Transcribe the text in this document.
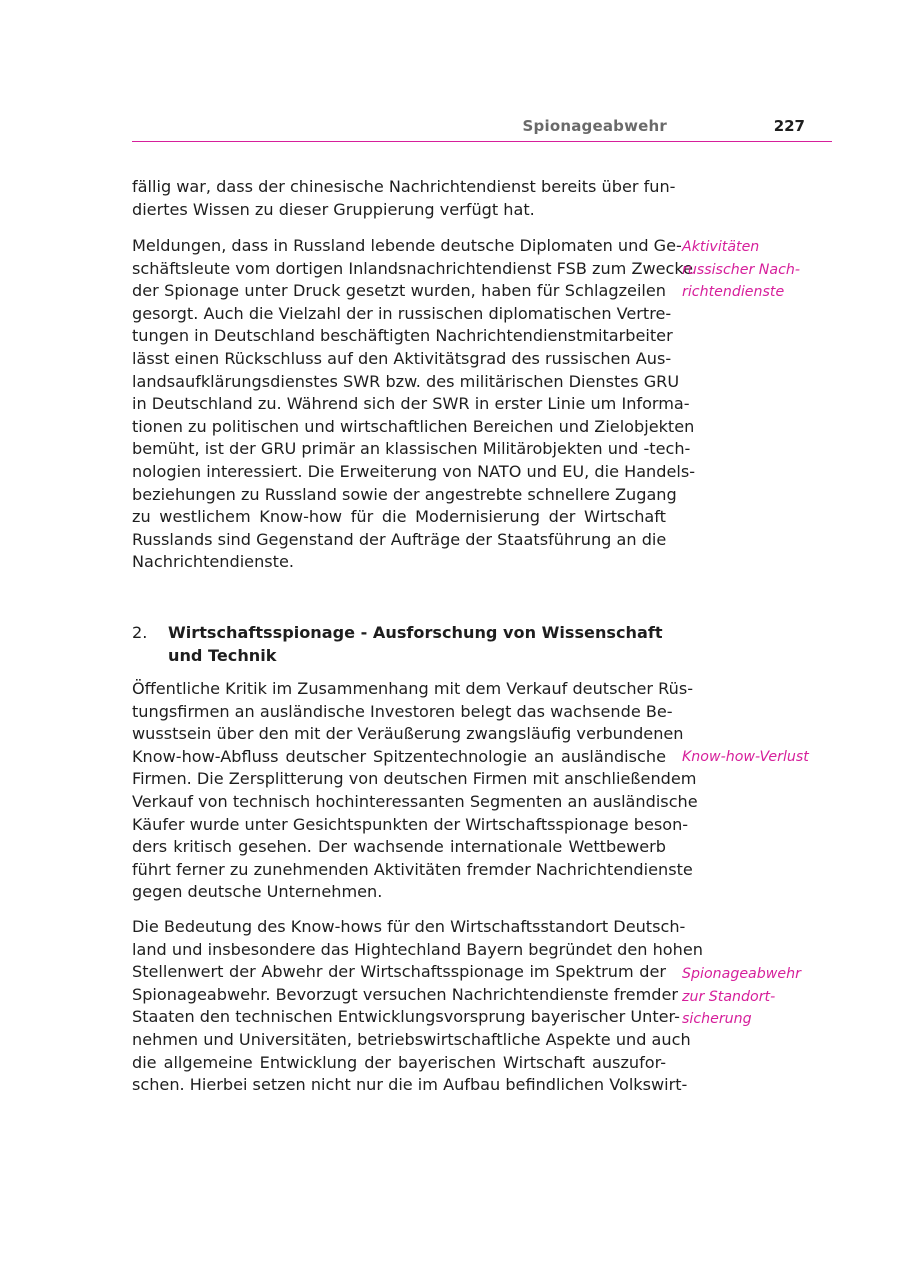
Spionageabwehr	227
fällig war, dass der chinesische Nachrichtendienst bereits über fun-
diertes Wissen zu dieser Gruppierung verfügt hat.
Meldungen, dass in Russland lebende deutsche Diplomaten und Ge-
schäftsleute vom dortigen Inlandsnachrichtendienst FSB zum Zwecke
der Spionage unter Druck gesetzt wurden, haben für Schlagzeilen
gesorgt. Auch die Vielzahl der in russischen diplomatischen Vertre-
tungen in Deutschland beschäftigten Nachrichtendienstmitarbeiter
lässt einen Rückschluss auf den Aktivitätsgrad des russischen Aus-
landsaufklärungsdienstes SWR bzw. des militärischen Dienstes GRU
in Deutschland zu. Während sich der SWR in erster Linie um Informa-
tionen zu politischen und wirtschaftlichen Bereichen und Zielobjekten
bemüht, ist der GRU primär an klassischen Militärobjekten und -tech-
nologien interessiert. Die Erweiterung von NATO und EU, die Handels-
beziehungen zu Russland sowie der angestrebte schnellere Zugang
zu westlichem Know-how für die Modernisierung der Wirtschaft
Russlands sind Gegenstand der Aufträge der Staatsführung an die
Nachrichtendienste.
Aktivitäten
russischer Nach-
richtendienste
2. Wirtschaftsspionage - Ausforschung von Wissenschaft
und Technik
Öffentliche Kritik im Zusammenhang mit dem Verkauf deutscher Rüs-
tungsfirmen an ausländische Investoren belegt das wachsende Be-
wusstsein über den mit der Veräußerung zwangsläufig verbundenen
Know-how-Abfluss deutscher Spitzentechnologie an ausländische
Firmen. Die Zersplitterung von deutschen Firmen mit anschließendem
Verkauf von technisch hochinteressanten Segmenten an ausländische
Käufer wurde unter Gesichtspunkten der Wirtschaftsspionage beson-
ders kritisch gesehen. Der wachsende internationale Wettbewerb
führt ferner zu zunehmenden Aktivitäten fremder Nachrichtendienste
gegen deutsche Unternehmen.
Know-how-Verlust
Die Bedeutung des Know-hows für den Wirtschaftsstandort Deutsch-
land und insbesondere das Hightechland Bayern begründet den hohen
Stellenwert der Abwehr der Wirtschaftsspionage im Spektrum der
Spionageabwehr. Bevorzugt versuchen Nachrichtendienste fremder
Staaten den technischen Entwicklungsvorsprung bayerischer Unter-
nehmen und Universitäten, betriebswirtschaftliche Aspekte und auch
die allgemeine Entwicklung der bayerischen Wirtschaft auszufor-
schen. Hierbei setzen nicht nur die im Aufbau befindlichen Volkswirt-
Spionageabwehr
zur Standort-
sicherung
